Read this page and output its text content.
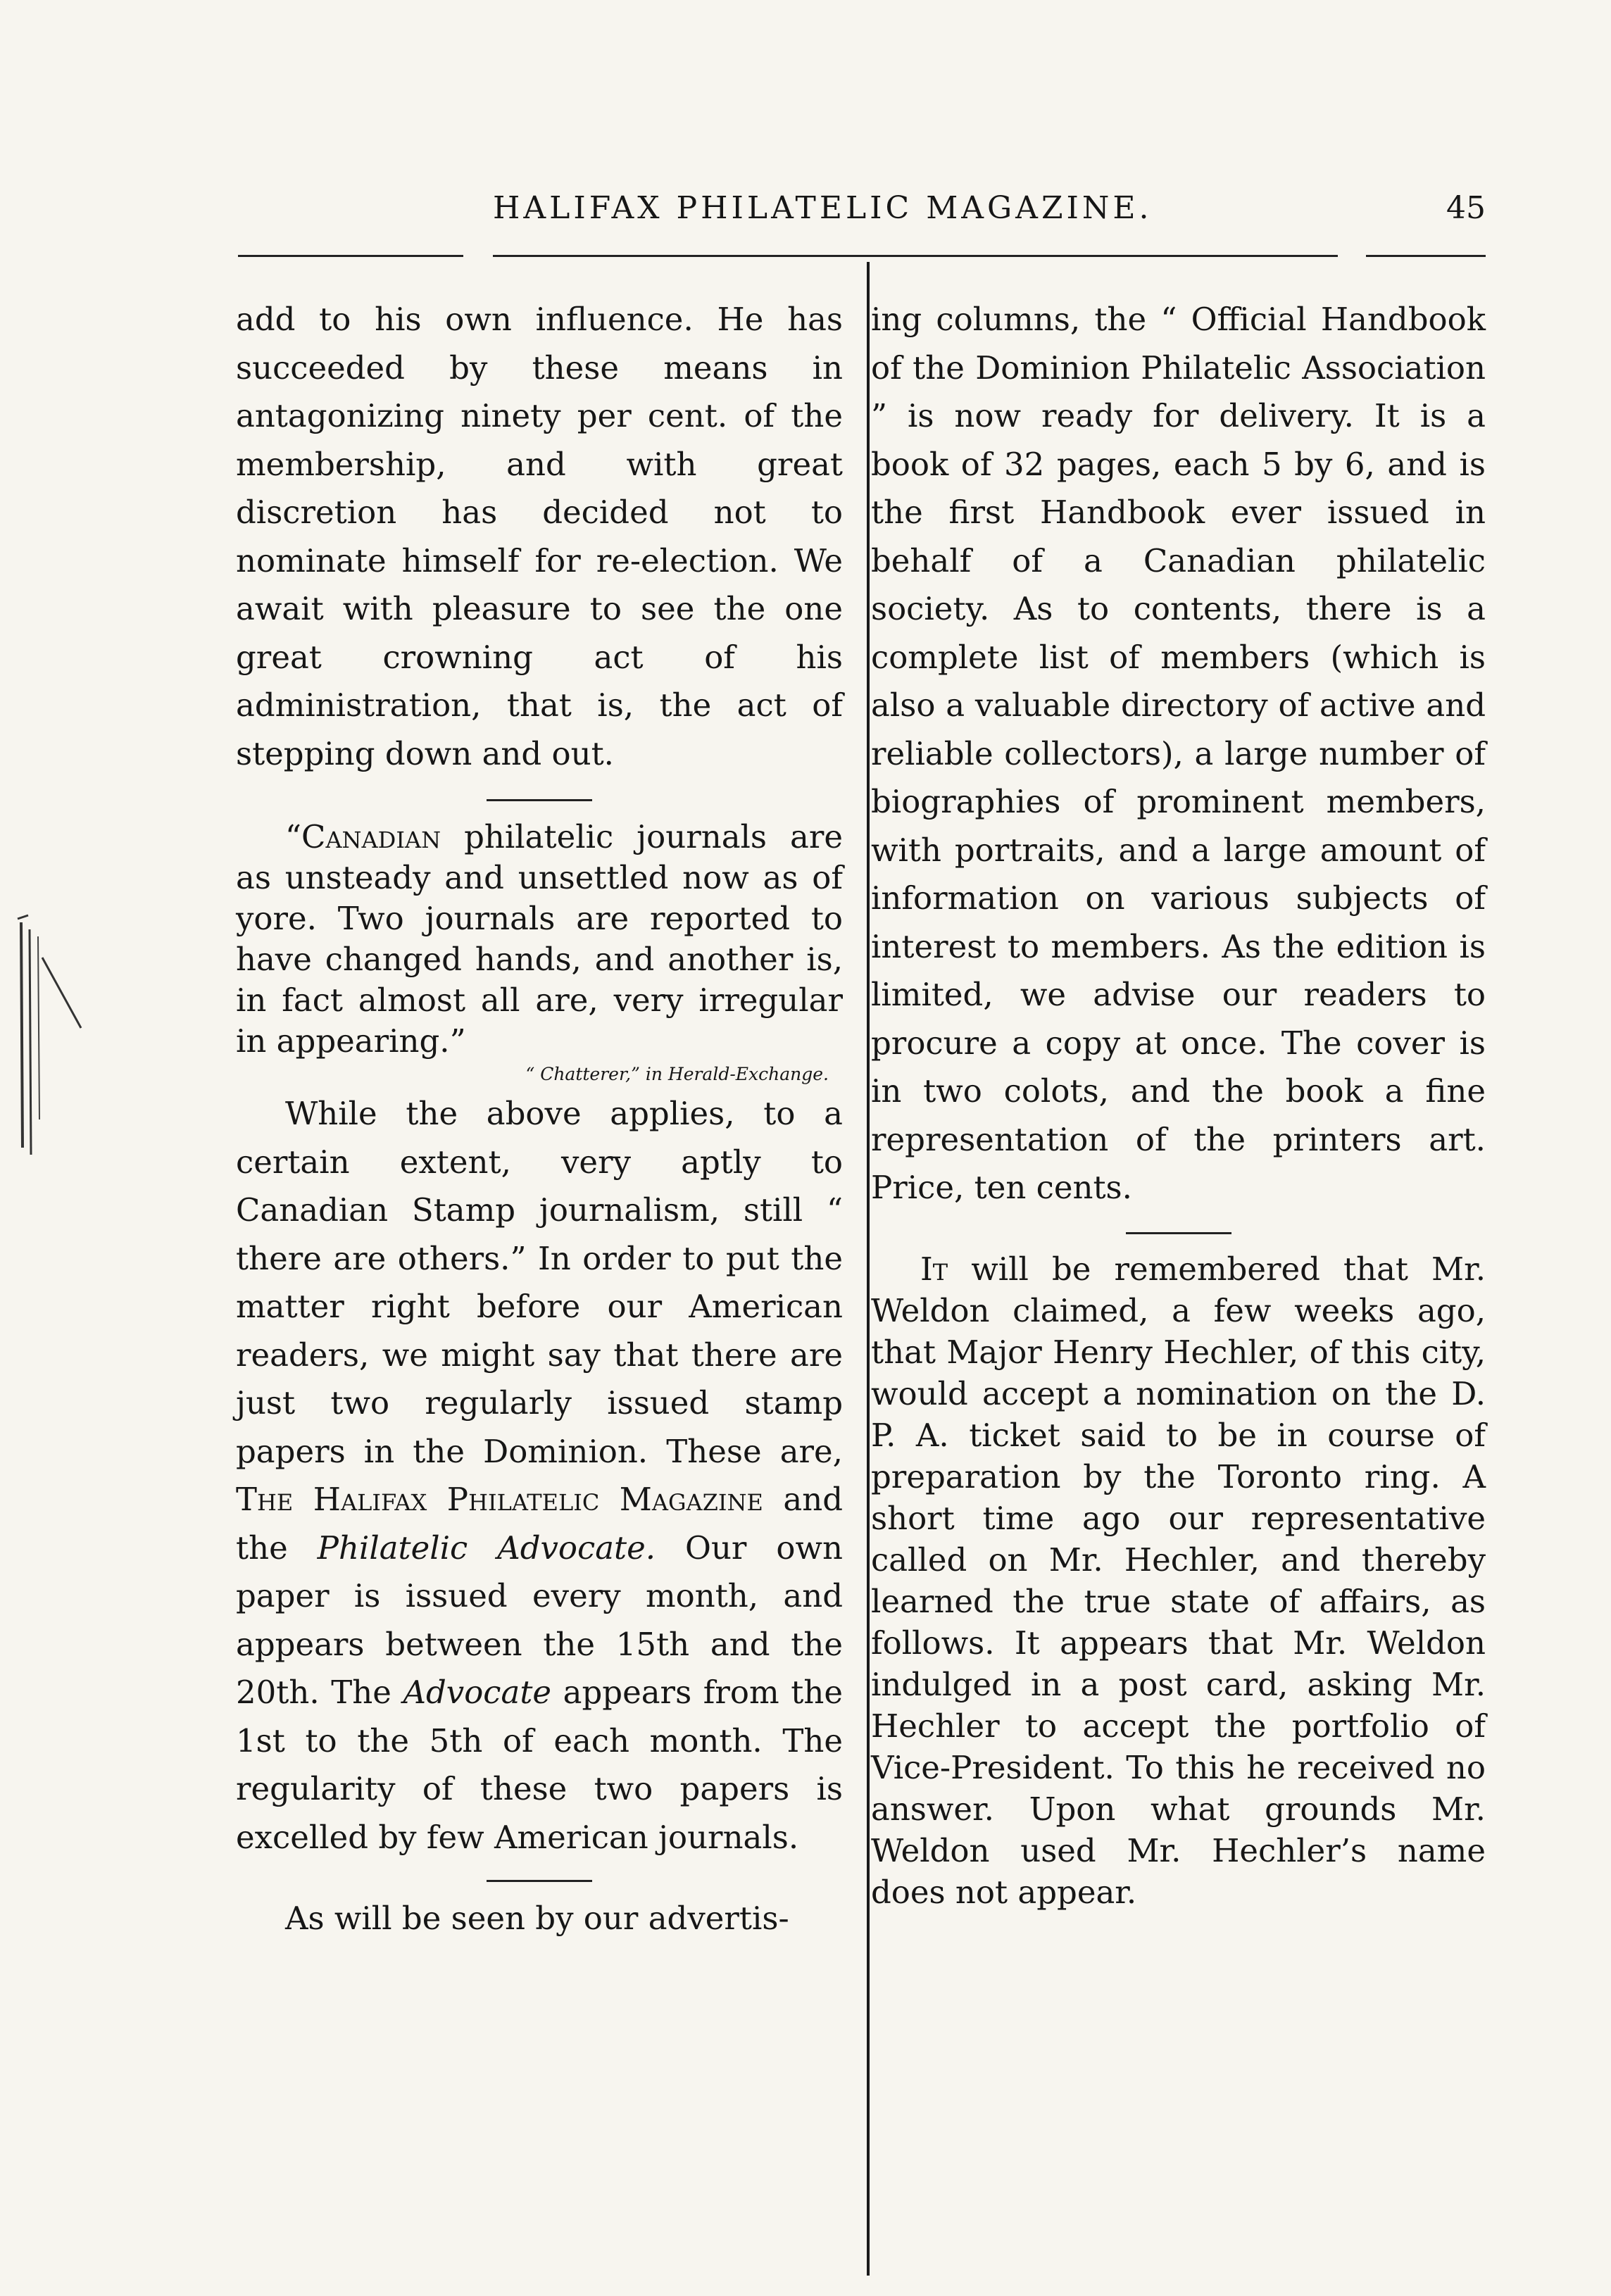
HALIFAX PHILATELIC MAGAZINE.	45

add to his own influence. He has succeeded by these means in antagonizing ninety per cent. of the membership, and with great discretion has decided not to nominate himself for re-election. We await with pleasure to see the one great crowning act of his administration, that is, the act of stepping down and out.

“Canadian philatelic journals are as unsteady and unsettled now as of yore. Two journals are reported to have changed hands, and another is, in fact almost all are, very irregular in appearing.”

“ Chatterer,” in Herald-Exchange.

While the above applies, to a certain extent, very aptly to Canadian Stamp journalism, still “ there are others.” In order to put the matter right before our American readers, we might say that there are just two regularly issued stamp papers in the Dominion. These are, The Halifax Philatelic Magazine and the Philatelic Advocate. Our own paper is issued every month, and appears between the 15th and the 20th. The Advocate appears from the 1st to the 5th of each month. The regularity of these two papers is excelled by few American journals.

As will be seen by our advertis-

ing columns, the “ Official Handbook of the Dominion Philatelic Association ” is now ready for delivery. It is a book of 32 pages, each 5 by 6, and is the first Handbook ever issued in behalf of a Canadian philatelic society. As to contents, there is a complete list of members (which is also a valuable directory of active and reliable collectors), a large number of biographies of prominent members, with portraits, and a large amount of information on various subjects of interest to members. As the edition is limited, we advise our readers to procure a copy at once. The cover is in two colots, and the book a fine representation of the printers art. Price, ten cents.

It will be remembered that Mr. Weldon claimed, a few weeks ago, that Major Henry Hechler, of this city, would accept a nomination on the D. P. A. ticket said to be in course of preparation by the Toronto ring. A short time ago our representative called on Mr. Hechler, and thereby learned the true state of affairs, as follows. It appears that Mr. Weldon indulged in a post card, asking Mr. Hechler to accept the portfolio of Vice-President. To this he received no answer. Upon what grounds Mr. Weldon used Mr. Hechler’s name does not appear.
